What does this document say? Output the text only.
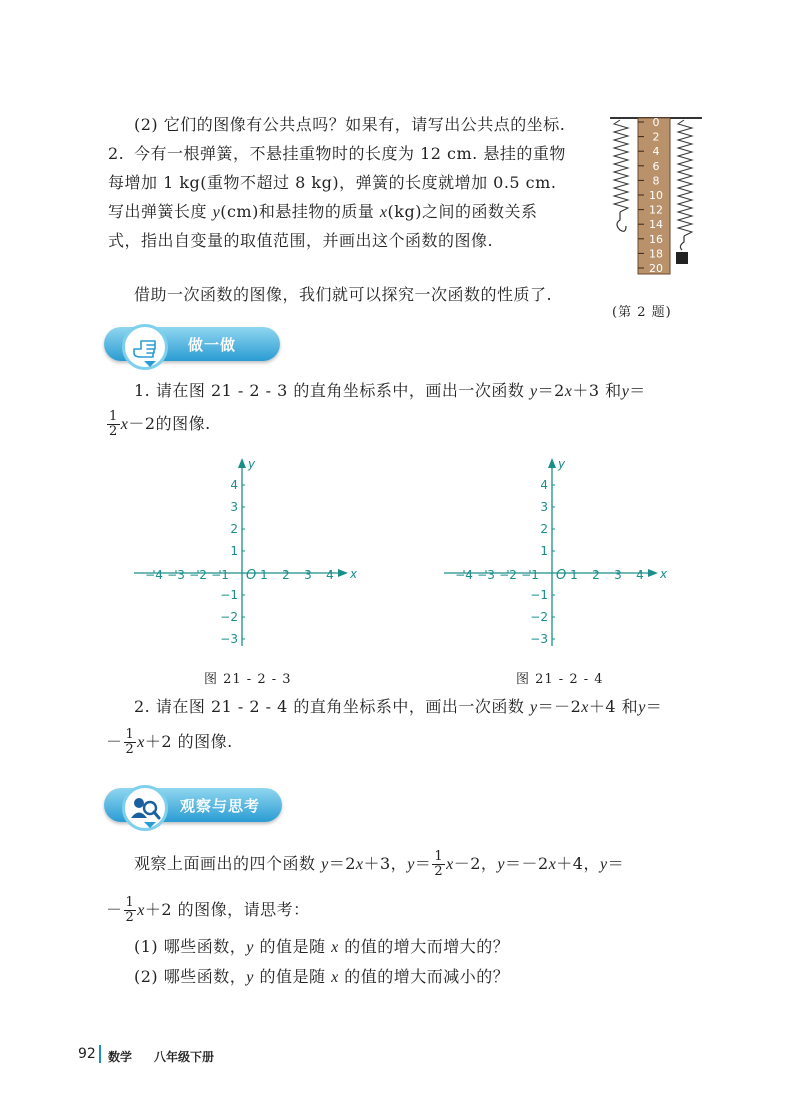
(2) 它们的图像有公共点吗？如果有，请写出公共点的坐标.
2. 今有一根弹簧，不悬挂重物时的长度为 12 cm. 悬挂的重物
每增加 1 kg(重物不超过 8 kg)，弹簧的长度就增加 0.5 cm.
写出弹簧长度 y(cm)和悬挂物的质量 x(kg)之间的函数关系
式，指出自变量的取值范围，并画出这个函数的图像.
0
2
4
6
8
10
12
14
16
18
20
(第 2 题)
借助一次函数的图像，我们就可以探究一次函数的性质了.
做一做
1. 请在图 21 - 2 - 3 的直角坐标系中，画出一次函数 y＝2x＋3 和y＝
$\frac{1}{2} x-2$的图像.
x
y
O
−4 −3 −2 −1	1 2 3 4
4
3
2
1
−1
−2
−3
x
y
O
−4 −3 −2 −1	1 2 3 4
4
3
2
1
−1
−2
−3
图 21 - 2 - 3	图 21 - 2 - 4
2. 请在图 21 - 2 - 4 的直角坐标系中，画出一次函数 y＝－2x＋4 和y＝
－ $\frac{1}{2} x+2$ 的图像.
观察与思考
观察上面画出的四个函数 y＝2x＋3，$y= \frac{1}{2} x-2$，y＝－2x＋4，y＝
－ $\frac{1}{2} x+2$ 的图像，请思考：
(1) 哪些函数，y 的值是随 x 的值的增大而增大的？
(2) 哪些函数，y 的值是随 x 的值的增大而减小的？
92 数学 八年级下册
